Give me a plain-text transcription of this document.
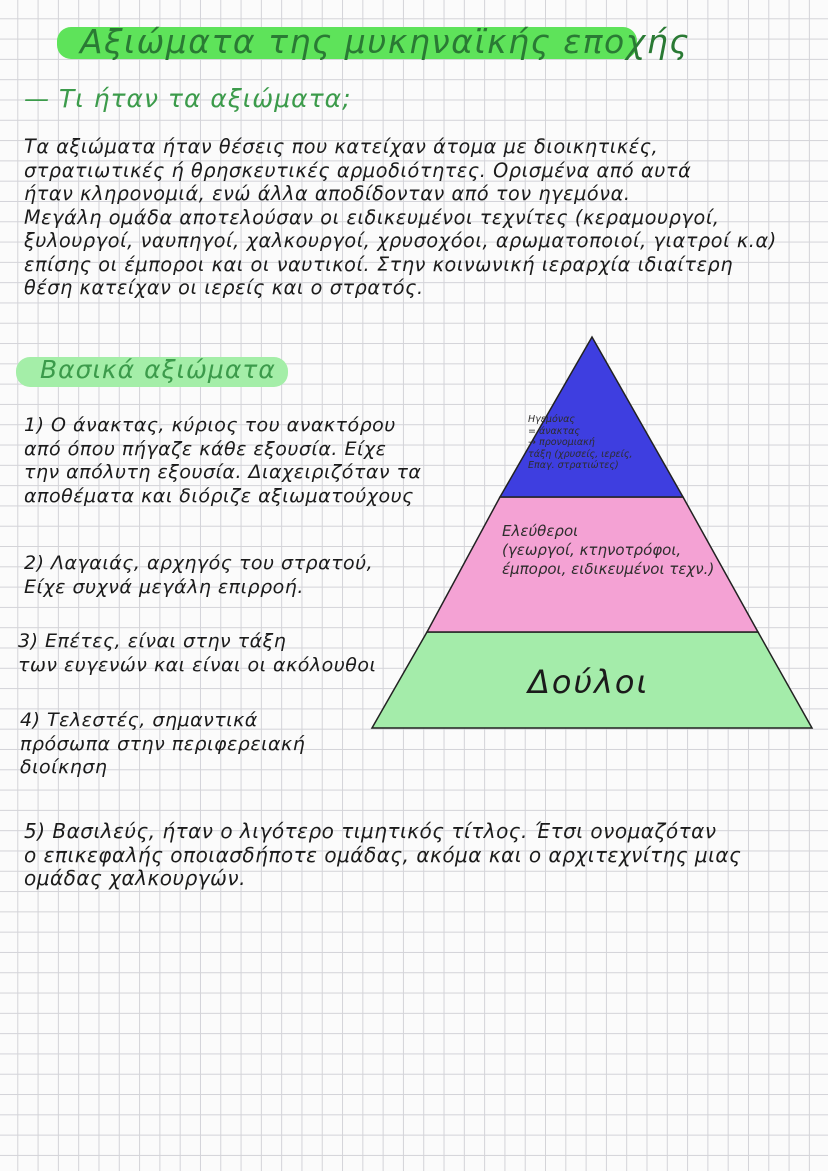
Αξιώματα της μυκηναϊκής εποχής
— Τι ήταν τα αξιώματα;
Τα αξιώματα ήταν θέσεις που κατείχαν άτομα με διοικητικές,
στρατιωτικές ή θρησκευτικές αρμοδιότητες. Ορισμένα από αυτά
ήταν κληρονομιά, ενώ άλλα αποδίδονταν από τον ηγεμόνα.
Μεγάλη ομάδα αποτελούσαν οι ειδικευμένοι τεχνίτες (κεραμουργοί,
ξυλουργοί, ναυπηγοί, χαλκουργοί, χρυσοχόοι, αρωματοποιοί, γιατροί κ.α)
επίσης οι έμποροι και οι ναυτικοί. Στην κοινωνική ιεραρχία ιδιαίτερη
θέση κατείχαν οι ιερείς και ο στρατός.
Βασικά αξιώματα
Ηγεμόνας
= άνακτας
→ προνομιακή
τάξη (χρυσείς, ιερείς,
Επαγ. στρατιώτες)
Ελεύθεροι
(γεωργοί, κτηνοτρόφοι,
έμποροι, ειδικευμένοι τεχν.)
Δούλοι
1) Ο άνακτας, κύριος του ανακτόρου
από όπου πήγαζε κάθε εξουσία. Είχε
την απόλυτη εξουσία. Διαχειριζόταν τα
αποθέματα και διόριζε αξιωματούχους
2) Λαγαιάς, αρχηγός του στρατού,
Είχε συχνά μεγάλη επιρροή.
3) Επέτες, είναι στην τάξη
των ευγενών και είναι οι ακόλουθοι
4) Τελεστές, σημαντικά
πρόσωπα στην περιφερειακή
διοίκηση
5) Βασιλεύς, ήταν ο λιγότερο τιμητικός τίτλος. Έτσι ονομαζόταν
ο επικεφαλής οποιασδήποτε ομάδας, ακόμα και ο αρχιτεχνίτης μιας
ομάδας χαλκουργών.
